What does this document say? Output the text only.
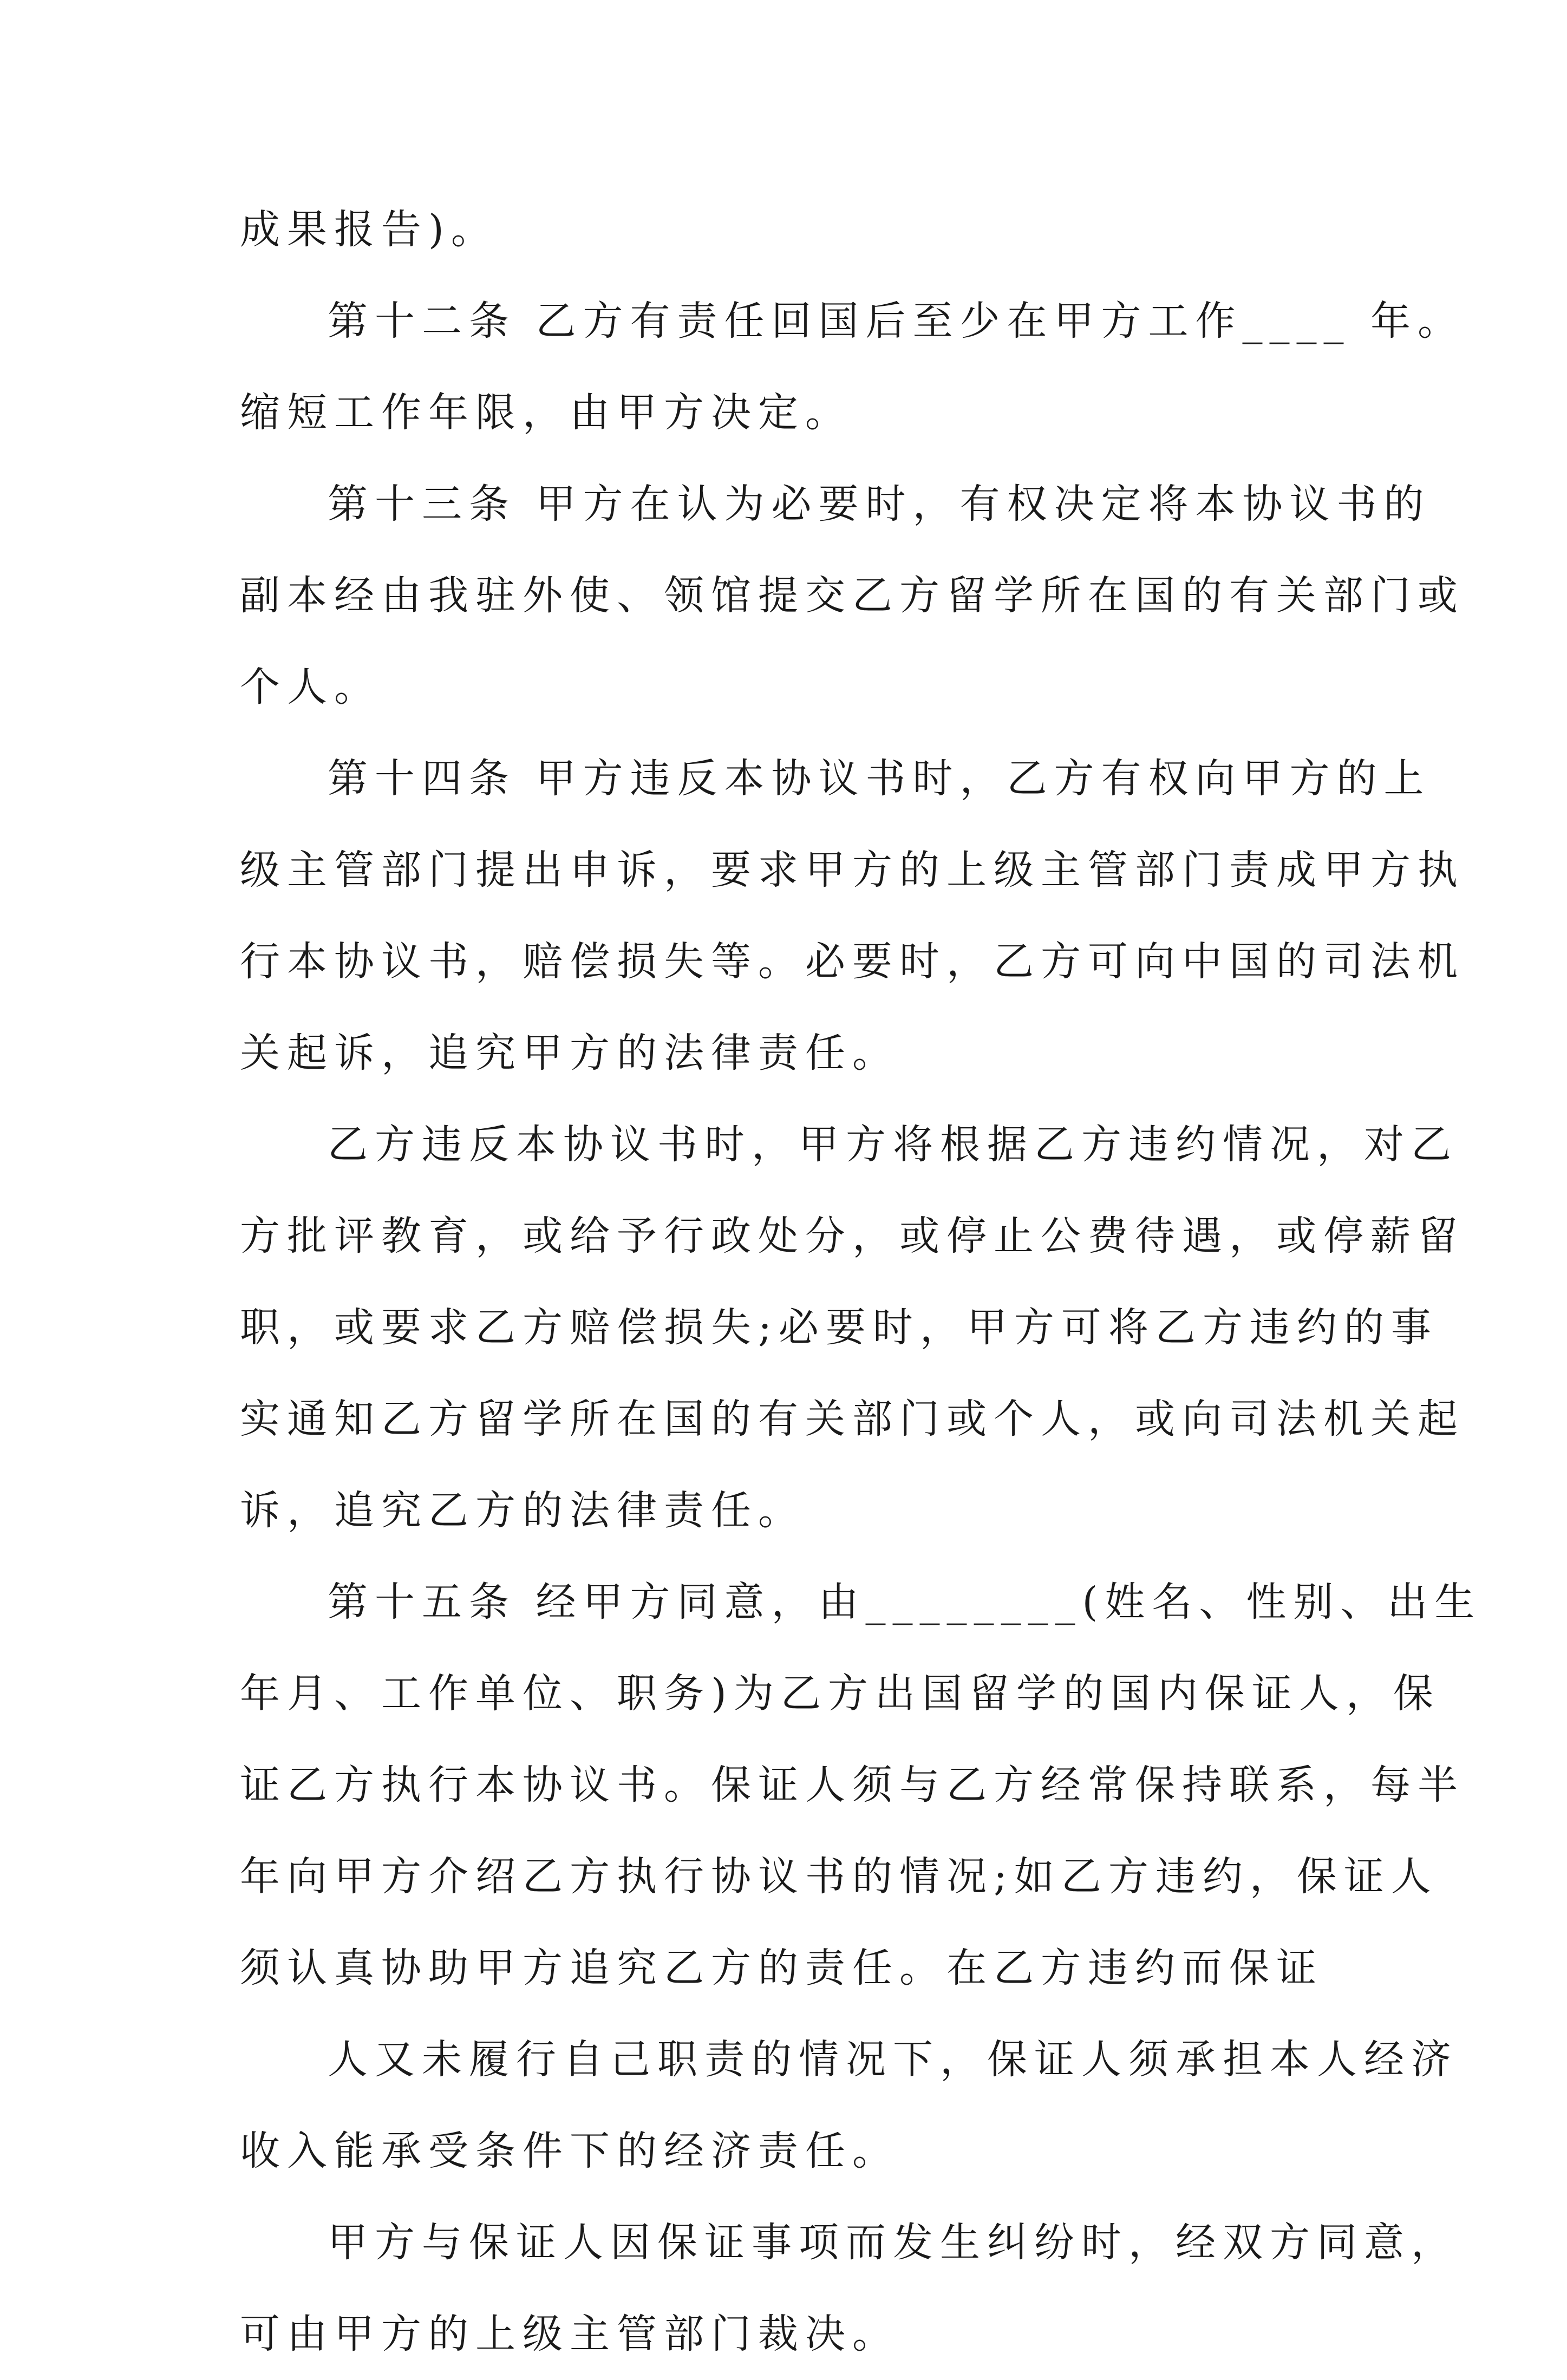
成果报告)。

第十二条 乙方有责任回国后至少在甲方工作____ 年。
缩短工作年限，由甲方决定。

第十三条 甲方在认为必要时，有权决定将本协议书的
副本经由我驻外使、领馆提交乙方留学所在国的有关部门或
个人。

第十四条 甲方违反本协议书时，乙方有权向甲方的上
级主管部门提出申诉，要求甲方的上级主管部门责成甲方执
行本协议书，赔偿损失等。必要时，乙方可向中国的司法机
关起诉，追究甲方的法律责任。

乙方违反本协议书时，甲方将根据乙方违约情况，对乙
方批评教育，或给予行政处分，或停止公费待遇，或停薪留
职，或要求乙方赔偿损失;必要时，甲方可将乙方违约的事
实通知乙方留学所在国的有关部门或个人，或向司法机关起
诉，追究乙方的法律责任。

第十五条 经甲方同意，由________(姓名、性别、出生
年月、工作单位、职务)为乙方出国留学的国内保证人，保
证乙方执行本协议书。保证人须与乙方经常保持联系，每半
年向甲方介绍乙方执行协议书的情况;如乙方违约，保证人
须认真协助甲方追究乙方的责任。在乙方违约而保证

人又未履行自己职责的情况下，保证人须承担本人经济
收入能承受条件下的经济责任。

甲方与保证人因保证事项而发生纠纷时，经双方同意，
可由甲方的上级主管部门裁决。
